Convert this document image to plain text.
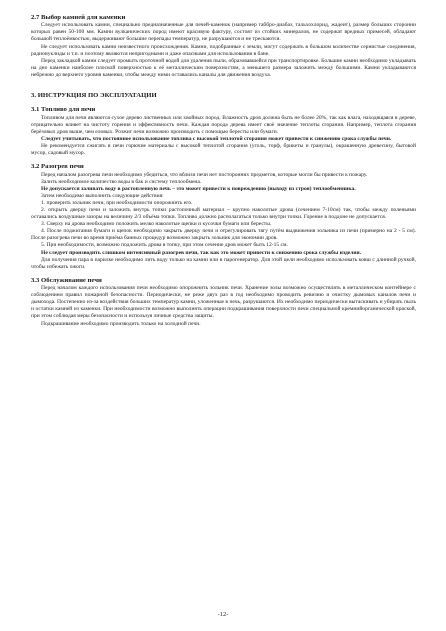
2.7 Выбор камней для каменки

Следует использовать камни, специально предназначенные для печей-каменок (например габбро-диабаз, тальхохлорид, жадеит), размер больших сторонни которых равен 50-100 мм. Камни вулканических пород имеют красивую фактуру, состоят из стойких минералов, не содержат вредных примесей, обладают большой теплоёмкостью, выдерживают большие перепады температур, не разрушаются и не трескаются.

Не следует использовать камни неизвестного происхождения. Камни, подобранные с земли, могут содержать в большом количестве сернистые соединения, радионуклиды и т.п. и поэтому являются непригодными и даже опасными для использования в бане.

Перед закладкой камни следует промыть проточной водой для удаления пыли, образовавшейся при транспортировке. Большие камни необходимо укладывать на дно каменки наиболее плоской поверхностью к её металлическим поверхностям, а меньшего размера заложить между большими. Камни укладываются небрежно до верхнего уровня каменки, чтобы между ними оставались каналы для движения воздуха.

3. ИНСТРУКЦИЯ ПО ЭКСПЛУАТАЦИИ
3.1 Топливо для печи

Топливом для печи являются сухое дерево лиственных или хвойных пород. Влажность дров должна быть не более 20%, так как влага, находящаяся в дереве, отрицательно влияет на чистоту горения и эффективность печи. Каждая порода дерева имеет своё значение теплоты сгорания. Например, теплота сгорания берёзовых дров выше, чем еловых. Розжиг печи возможно производить с помощью бересты или бумаги.

Следует учитывать, что постоянное использование топлива с высокой теплотой сгорания может привести к снижению срока службы печи.

Не рекомендуется сжигать в печи горючие материалы с высокой теплотой сгорания (уголь, торф, брикеты и гранулы), окрашенную древесину, бытовой мусор, садовый мусор.

3.2 Разогрев печи

Перед началом разогрева печи необходимо убедиться, что вблизи печи нет посторонних предметов, которые могли бы привести к пожару.

Залить необходимое количество воды в бак и систему теплообмена.

Не допускается заливать воду в растопленную печь – это может привести к повреждению (выходу из строя) теплообменника.

Затем необходимо выполнить следующие действия:

1. проверить зольник печи, при необходимости опорожнить его.

2. открыть дверцу печи и заложить внутрь топки растопочный материал – крупно наколотые дрова (сечением 7-10см) так, чтобы между поленьями оставались воздушные зазоры на величину 2/3 объёма топки. Топливо должно располагаться только внутри топки. Горение в поддоне не допускается.

3. Сверху на дрова необходимо положить мелко наколотые щепки и кусочки бумаги или бересты.

4. После поджигания бумаги и щепок необходимо закрыть дверцу печи и отрегулировать тягу путём выдвижения зольника из печи (примерно на 2 - 5 см). После разогрева печи во время приёма банных процедур возможно закрыть зольник для экономии дров.

5. При необходимости, возможно подложить дрова в топку, при этом сечение дров может быть 12-15 см.

Не следует производить слишком интенсивный разогрев печи, так как это может привести к снижению срока службы изделия.

Для получения пара в парилке необходимо лить воду только на камни или в парогенератор. Для этой цели необходимо использовать ковш с длинной ручкой, чтобы избежать ожоги.

3.3 Обслуживание печи

Перед началом каждого использования печи необходимо опорожнить зольник печи. Хранение золы возможно осуществлять в металлическом контейнере с соблюдением правил пожарной безопасности. Периодически, не реже двух раз в год необходимо проводить ревизию и очистку дымовых каналов печи и дымохода. Постепенно из-за воздействия больших температур камни, уложенные в печь, разрушаются. Их необходимо периодически вытаскивать и убирать пыль и остатки камней из каменки. При необходимости возможно выполнять операции подкрашивания поверхности печи специальной кремнийорганической краской, при этом соблюдая меры безопасности и используя личные средства защиты.

Подкрашивание необходимо производить только на холодной печи.

-12-
